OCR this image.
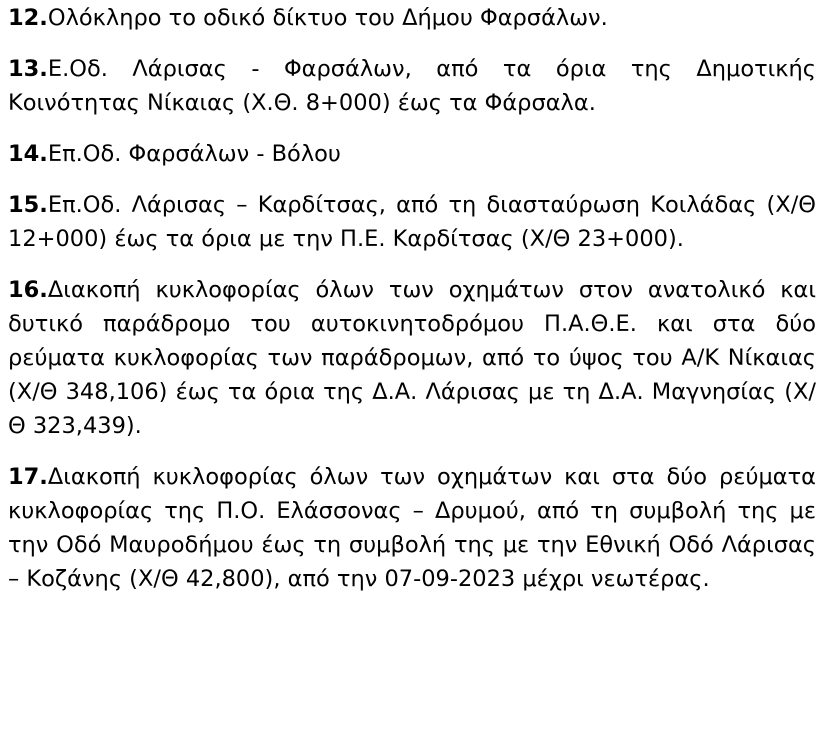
12.Ολόκληρο το οδικό δίκτυο του Δήμου Φαρσάλων.

13.Ε.Οδ. Λάρισας - Φαρσάλων, από τα όρια της Δημοτικής Κοινότητας Νίκαιας (Χ.Θ. 8+000) έως τα Φάρσαλα.

14.Επ.Οδ. Φαρσάλων - Βόλου

15.Επ.Οδ. Λάρισας – Καρδίτσας, από τη διασταύρωση Κοιλάδας (Χ/Θ 12+000) έως τα όρια με την Π.Ε. Καρδίτσας (Χ/Θ 23+000).

16.Διακοπή κυκλοφορίας όλων των οχημάτων στον ανατολικό και δυτικό παράδρομο του αυτοκινητοδρόμου Π.Α.Θ.Ε. και στα δύο ρεύματα κυκλοφορίας των παράδρομων, από το ύψος του Α/Κ Νίκαιας (Χ/Θ 348,106) έως τα όρια της Δ.Α. Λάρισας με τη Δ.Α. Μαγνησίας (Χ/Θ 323,439).

17.Διακοπή κυκλοφορίας όλων των οχημάτων και στα δύο ρεύματα κυκλοφορίας της Π.Ο. Ελάσσονας – Δρυμού, από τη συμβολή της με την Οδό Μαυροδήμου έως τη συμβολή της με την Εθνική Οδό Λάρισας – Κοζάνης (Χ/Θ 42,800), από την 07-09-2023 μέχρι νεωτέρας.
